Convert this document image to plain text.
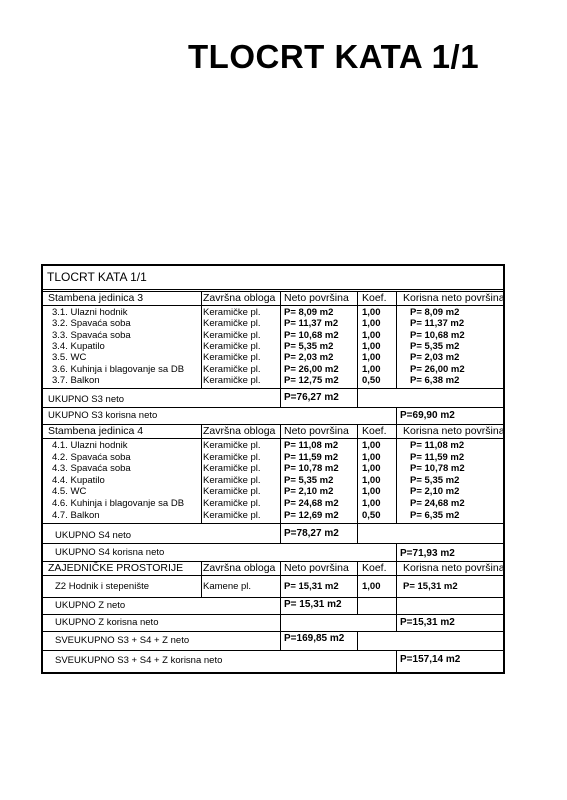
TLOCRT KATA 1/1
TLOCRT KATA 1/1
Stambena jedinica 3	Završna obloga Neto površina Koef. Korisna neto površina
3.1. Ulazni hodnik	Keramičke pl. P= 8,09 m2	1,00	P= 8,09 m2
3.2. Spavaća soba	Keramičke pl. P= 11,37 m2	1,00	P= 11,37 m2
3.3. Spavaća soba	Keramičke pl. P= 10,68 m2 1,00	P= 10,68 m2
3.4. Kupatilo	Keramičke pl. P= 5,35 m2	1,00	P= 5,35 m2
3.5. WC	Keramičke pl. P= 2,03 m2	1,00	P= 2,03 m2
3.6. Kuhinja i blagovanje sa DB Keramičke pl. P= 26,00 m2 1,00	P= 26,00 m2
3.7. Balkon	Keramičke pl. P= 12,75 m2 0,50	P= 6,38 m2
UKUPNO S3 neto	P=76,27 m2
UKUPNO S3 korisna neto	P=69,90 m2
Stambena jedinica 4	Završna obloga Neto površina Koef. Korisna neto površina
4.1. Ulazni hodnik	Keramičke pl. P= 11,08 m2	1,00	P= 11,08 m2
4.2. Spavaća soba	Keramičke pl. P= 11,59 m2	1,00	P= 11,59 m2
4.3. Spavaća soba	Keramičke pl. P= 10,78 m2 1,00	P= 10,78 m2
4.4. Kupatilo	Keramičke pl. P= 5,35 m2	1,00	P= 5,35 m2
4.5. WC	Keramičke pl. P= 2,10 m2	1,00	P= 2,10 m2
4.6. Kuhinja i blagovanje sa DB Keramičke pl. P= 24,68 m2 1,00	P= 24,68 m2
4.7. Balkon	Keramičke pl. P= 12,69 m2 0,50	P= 6,35 m2
UKUPNO S4 neto	P=78,27 m2
UKUPNO S4 korisna neto	P=71,93 m2
ZAJEDNIČKE PROSTORIJE Završna obloga Neto površina Koef. Korisna neto površina
Z2 Hodnik i stepenište	Kamene pl.	P= 15,31 m2 1,00 P= 15,31 m2
UKUPNO Z neto	P= 15,31 m2
UKUPNO Z korisna neto	P=15,31 m2
SVEUKUPNO S3 + S4 + Z neto	P=169,85 m2
SVEUKUPNO S3 + S4 + Z korisna neto	P=157,14 m2
